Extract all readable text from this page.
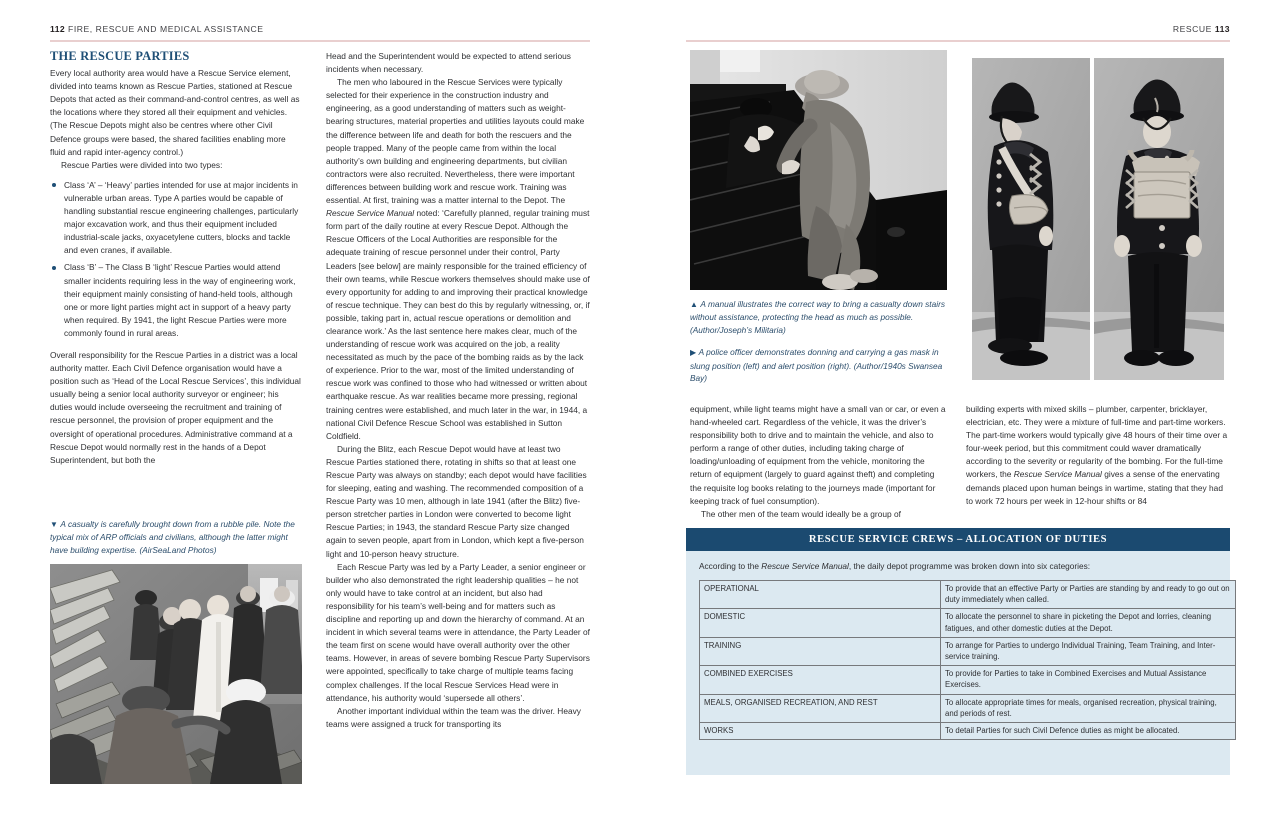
112 FIRE, RESCUE AND MEDICAL ASSISTANCE
THE RESCUE PARTIES

Every local authority area would have a Rescue Service element, divided into teams known as Rescue Parties, stationed at Rescue Depots that acted as their command-and-control centres, as well as the locations where they stored all their equipment and vehicles. (The Rescue Depots might also be centres where other Civil Defence groups were based, the shared facilities enabling more fluid and rapid inter-agency control.)

Rescue Parties were divided into two types:

Class ‘A’ – ‘Heavy’ parties intended for use at major incidents in vulnerable urban areas. Type A parties would be capable of handling substantial rescue engineering challenges, particularly major excavation work, and thus their equipment included industrial-scale jacks, oxyacetylene cutters, blocks and tackle and even cranes, if available.
Class ‘B’ – The Class B ‘light’ Rescue Parties would attend smaller incidents requiring less in the way of engineering work, their equipment mainly consisting of hand-held tools, although one or more light parties might act in support of a heavy party when required. By 1941, the light Rescue Parties were more commonly found in rural areas.

Overall responsibility for the Rescue Parties in a district was a local authority matter. Each Civil Defence organisation would have a position such as ‘Head of the Local Rescue Services’, this individual usually being a senior local authority surveyor or engineer; his duties would include overseeing the recruitment and training of rescue personnel, the provision of proper equipment and the oversight of operational procedures. Administrative command at a Rescue Depot would normally rest in the hands of a Depot Superintendent, but both the

▼ A casualty is carefully brought down from a rubble pile. Note the typical mix of ARP officials and civilians, although the latter might have building expertise. (AirSeaLand Photos)

Head and the Superintendent would be expected to attend serious incidents when necessary.

The men who laboured in the Rescue Services were typically selected for their experience in the construction industry and engineering, as a good understanding of matters such as weight-bearing structures, material properties and utilities layouts could make the difference between life and death for both the rescuers and the people trapped. Many of the people came from within the local authority’s own building and engineering departments, but civilian contractors were also recruited. Nevertheless, there were important differences between building work and rescue work. Training was essential. At first, training was a matter internal to the Depot. The Rescue Service Manual noted: ‘Carefully planned, regular training must form part of the daily routine at every Rescue Depot. Although the Rescue Officers of the Local Authorities are responsible for the adequate training of rescue personnel under their control, Party Leaders [see below] are mainly responsible for the trained efficiency of their own teams, while Rescue workers themselves should make use of every opportunity for adding to and improving their practical knowledge of rescue technique. They can best do this by regularly witnessing, or, if possible, taking part in, actual rescue operations or demolition and clearance work.’ As the last sentence here makes clear, much of the understanding of rescue work was acquired on the job, a reality necessitated as much by the pace of the bombing raids as by the lack of experience. Prior to the war, most of the limited understanding of rescue work was confined to those who had witnessed or written about earthquake rescue. As war realities became more pressing, regional training centres were established, and much later in the war, in 1944, a national Civil Defence Rescue School was established in Sutton Coldfield.

During the Blitz, each Rescue Depot would have at least two Rescue Parties stationed there, rotating in shifts so that at least one Rescue Party was always on standby; each depot would have facilities for sleeping, eating and washing. The recommended composition of a Rescue Party was 10 men, although in late 1941 (after the Blitz) five-person stretcher parties in London were converted to become light Rescue Parties; in 1943, the standard Rescue Party size changed again to seven people, apart from in London, which kept a five-person light and 10-person heavy structure.

Each Rescue Party was led by a Party Leader, a senior engineer or builder who also demonstrated the right leadership qualities – he not only would have to take control at an incident, but also had responsibility for his team’s well-being and for matters such as discipline and reporting up and down the hierarchy of command. At an incident in which several teams were in attendance, the Party Leader of the team first on scene would have overall authority over the other teams. However, in areas of severe bombing Rescue Party Supervisors were appointed, specifically to take charge of multiple teams facing complex challenges. If the local Rescue Services Head were in attendance, his authority would ‘supersede all others’.

Another important individual within the team was the driver. Heavy teams were assigned a truck for transporting its

RESCUE 113

▲ A manual illustrates the correct way to bring a casualty down stairs without assistance, protecting the head as much as possible. (Author/Joseph’s Militaria)

▶ A police officer demonstrates donning and carrying a gas mask in slung position (left) and alert position (right). (Author/1940s Swansea Bay)

equipment, while light teams might have a small van or car, or even a hand-wheeled cart. Regardless of the vehicle, it was the driver’s responsibility both to drive and to maintain the vehicle, and also to perform a range of other duties, including taking charge of loading/unloading of equipment from the vehicle, monitoring the return of equipment (largely to guard against theft) and completing the requisite log books relating to the journeys made (important for keeping track of fuel consumption).

The other men of the team would ideally be a group of

building experts with mixed skills – plumber, carpenter, bricklayer, electrician, etc. They were a mixture of full-time and part-time workers. The part-time workers would typically give 48 hours of their time over a four-week period, but this commitment could waver dramatically according to the severity or regularity of the bombing. For the full-time workers, the Rescue Service Manual gives a sense of the enervating demands placed upon human beings in wartime, stating that they had to work 72 hours per week in 12-hour shifts or 84

RESCUE SERVICE CREWS – ALLOCATION OF DUTIES
According to the Rescue Service Manual, the daily depot programme was broken down into six categories:
OPERATIONAL	To provide that an effective Party or Parties are standing by and ready to go out on duty immediately when called.
DOMESTIC	To allocate the personnel to share in picketing the Depot and lorries, cleaning fatigues, and other domestic duties at the Depot.
TRAINING	To arrange for Parties to undergo Individual Training, Team Training, and Inter-service training.
COMBINED EXERCISES	To provide for Parties to take in Combined Exercises and Mutual Assistance Exercises.
MEALS, ORGANISED RECREATION, AND REST	To allocate appropriate times for meals, organised recreation, physical training, and periods of rest.
WORKS	To detail Parties for such Civil Defence duties as might be allocated.
